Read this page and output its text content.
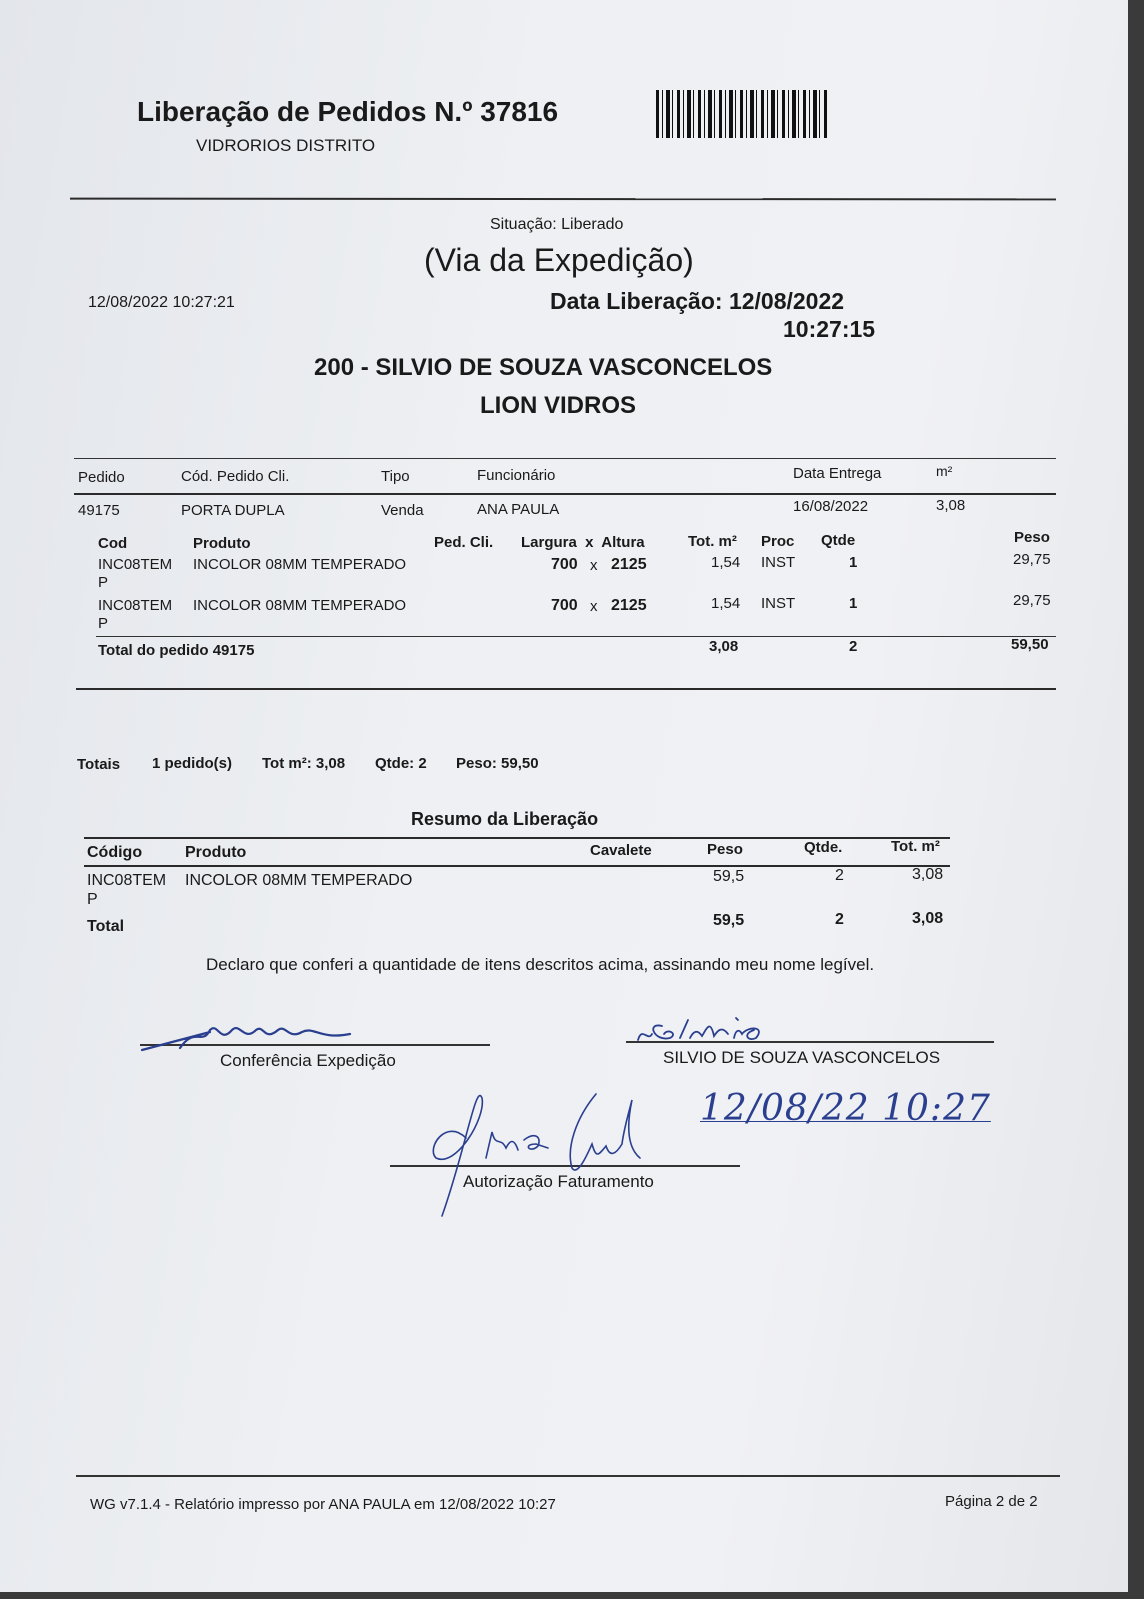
Liberação de Pedidos N.º 37816
VIDRORIOS DISTRITO
Situação: Liberado
(Via da Expedição)
12/08/2022 10:27:21	Data Liberação: 12/08/2022
10:27:15
200 - SILVIO DE SOUZA VASCONCELOS
LION VIDROS
Pedido	Cód. Pedido Cli.	Tipo	Funcionário	Data Entrega	m²
49175	PORTA DUPLA	Venda	ANA PAULA	16/08/2022	3,08
Cod	Produto	Ped. Cli. Largura  x  Altura	Tot. m² Proc Qtde	Peso
INC08TEM
P
INCOLOR 08MM TEMPERADO	700 x 2125	1,54 INST	1	29,75
INC08TEM
P
INCOLOR 08MM TEMPERADO	700 x 2125	1,54 INST	1	29,75
Total do pedido 49175	3,08	2	59,50
Totais 1 pedido(s) Tot m²: 3,08 Qtde: 2 Peso: 59,50
Resumo da Liberação
Código	Produto	Cavalete	Peso	Qtde.	Tot. m²
INC08TEM
P
INCOLOR 08MM TEMPERADO	59,5	2	3,08
Total	59,5	2	3,08
Declaro que conferi a quantidade de itens descritos acima, assinando meu nome legível.
Conferência Expedição	SILVIO DE SOUZA VASCONCELOS
Autorização Faturamento
12/08/22 10:27
WG v7.1.4 - Relatório impresso por ANA PAULA em 12/08/2022 10:27	Página 2 de 2
